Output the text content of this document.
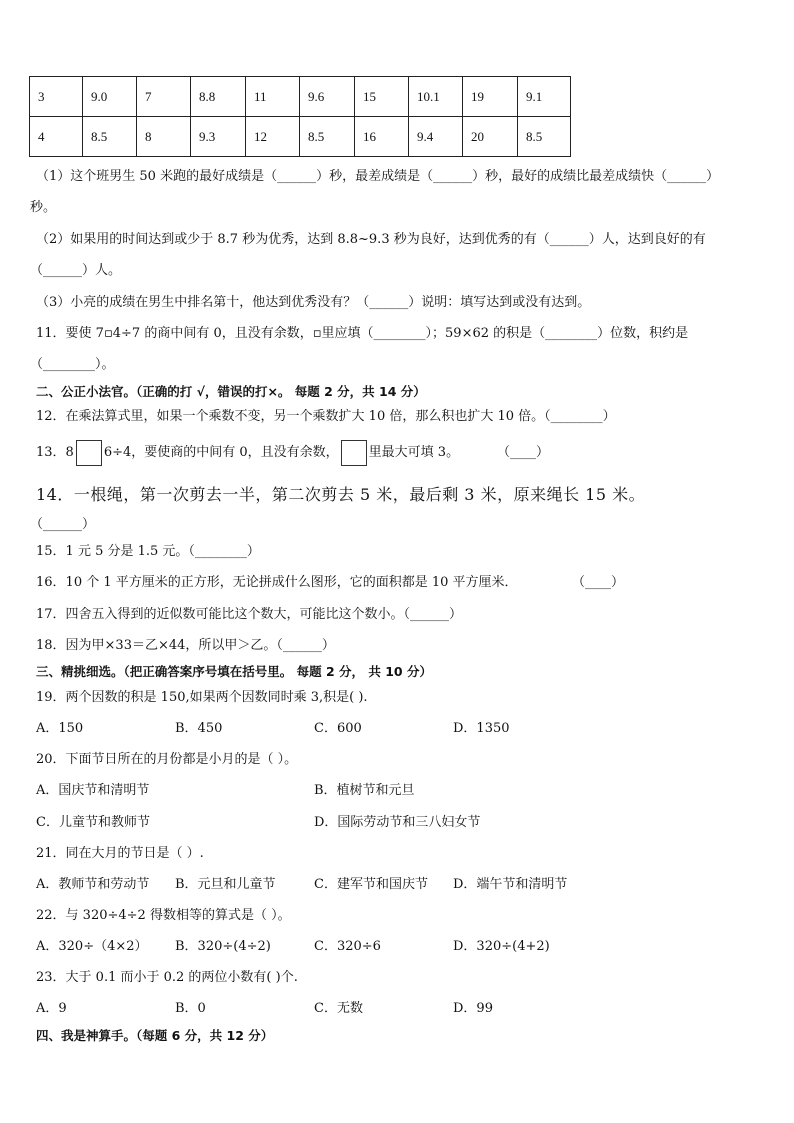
3	9.0	7	8.8	11	9.6	15	10.1	19	9.1
4	8.5	8	9.3	12	8.5	16	9.4	20	8.5
（1）这个班男生 50 米跑的最好成绩是（______）秒，最差成绩是（______）秒，最好的成绩比最差成绩快（______）
秒。
（2）如果用的时间达到或少于 8.7 秒为优秀，达到 8.8~9.3 秒为良好，达到优秀的有（______）人，达到良好的有
（______）人。
（3）小亮的成绩在男生中排名第十，他达到优秀没有？（______）说明：填写达到或没有达到。
11．要使 7▫4÷7 的商中间有 0，且没有余数，▫里应填（________）；59×62 的积是（________）位数，积约是
（________）。
二、公正小法官。（正确的打 √，错误的打×。 每题 2 分，共 14 分）
12．在乘法算式里，如果一个乘数不变，另一个乘数扩大 10 倍，那么积也扩大 10 倍。（________）
13．8 6÷4，要使商的中间有 0，且没有余数， 里最大可填 3。	（____）
14．一根绳，第一次剪去一半，第二次剪去 5 米，最后剩 3 米，原来绳长 15 米。
（______）
15．1 元 5 分是 1.5 元。（________）
16．10 个 1 平方厘米的正方形，无论拼成什么图形，它的面积都是 10 平方厘米．	（____）
17．四舍五入得到的近似数可能比这个数大，可能比这个数小。（______）
18．因为甲×33＝乙×44，所以甲＞乙。（______）
三、精挑细选。（把正确答案序号填在括号里。 每题 2 分， 共 10 分）
19．两个因数的积是 150,如果两个因数同时乘 3,积是( ).
A．150	B．450	C．600	D．1350
20．下面节日所在的月份都是小月的是（ ）。
A．国庆节和清明节	B．植树节和元旦
C．儿童节和教师节	D．国际劳动节和三八妇女节
21．同在大月的节日是（ ）.
A．教师节和劳动节 B．元旦和儿童节	C．建军节和国庆节 D．端午节和清明节
22．与 320÷4÷2 得数相等的算式是（ ）。
A．320÷（4×2） B．320÷(4÷2)	C．320÷6	D．320÷(4+2)
23．大于 0.1 而小于 0.2 的两位小数有( )个.
A．9	B．0	C．无数	D．99
四、我是神算手。（每题 6 分，共 12 分）
